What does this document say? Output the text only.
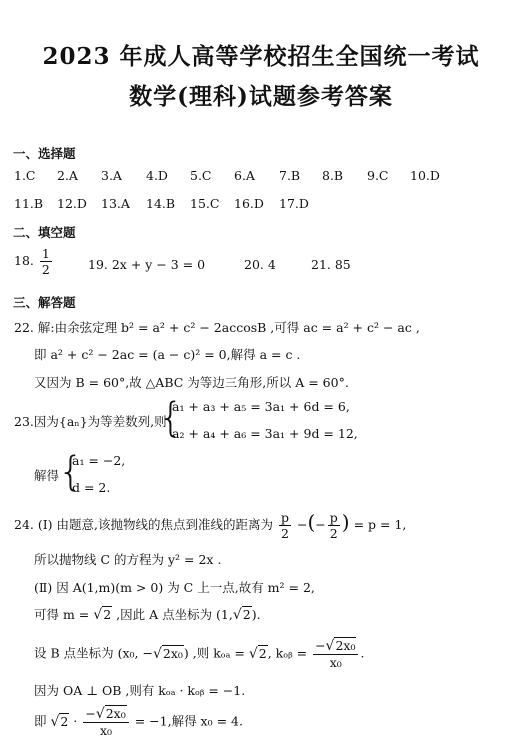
2023 年成人高等学校招生全国统一考试
数学(理科)试题参考答案
一、选择题
1.C 2.A 3.A 4.D 5.C 6.A 7.B 8.B 9.C 10.D
11.B 12.D 13.A 14.B 15.C 16.D 17.D
二、填空题
18. $\frac{1}{2}$	19. 2x + y − 3 = 0	20. 4	21. 85
三、解答题
22. 解:由余弦定理 b² = a² + c² − 2accosB ,可得 ac = a² + c² − ac ,
即 a² + c² − 2ac = (a − c)² = 0,解得 a = c .
又因为 B = 60°,故 △ABC 为等边三角形,所以 A = 60°.
23.因为{aₙ}为等差数列,则
{
a₁ + a₃ + a₅ = 3a₁ + 6d = 6,
a₂ + a₄ + a₆ = 3a₁ + 9d = 12,
解得
{
a₁ = −2,
d = 2.
24. (Ⅰ) 由题意,该抛物线的焦点到准线的距离为 $\frac{p}{2}$ −(− $\frac{p}{2}$ ) = p = 1,
所以抛物线 C 的方程为 y² = 2x .
(Ⅱ) 因 A(1,m)(m > 0) 为 C 上一点,故有 m² = 2,
可得 m = √2 ,因此 A 点坐标为 (1,√2).
设 B 点坐标为 (x₀, −√2x₀) ,则 kₒₐ = √2, kₒᵦ = $\frac{\text{−√2x₀}}{\text{x₀}}$ .
因为 OA ⊥ OB ,则有 kₒₐ · kₒᵦ = −1.
即 $√2 \cdot \frac{\text{−√2x₀}}{\text{x₀}} = -1$,解得 x₀ = 4.
